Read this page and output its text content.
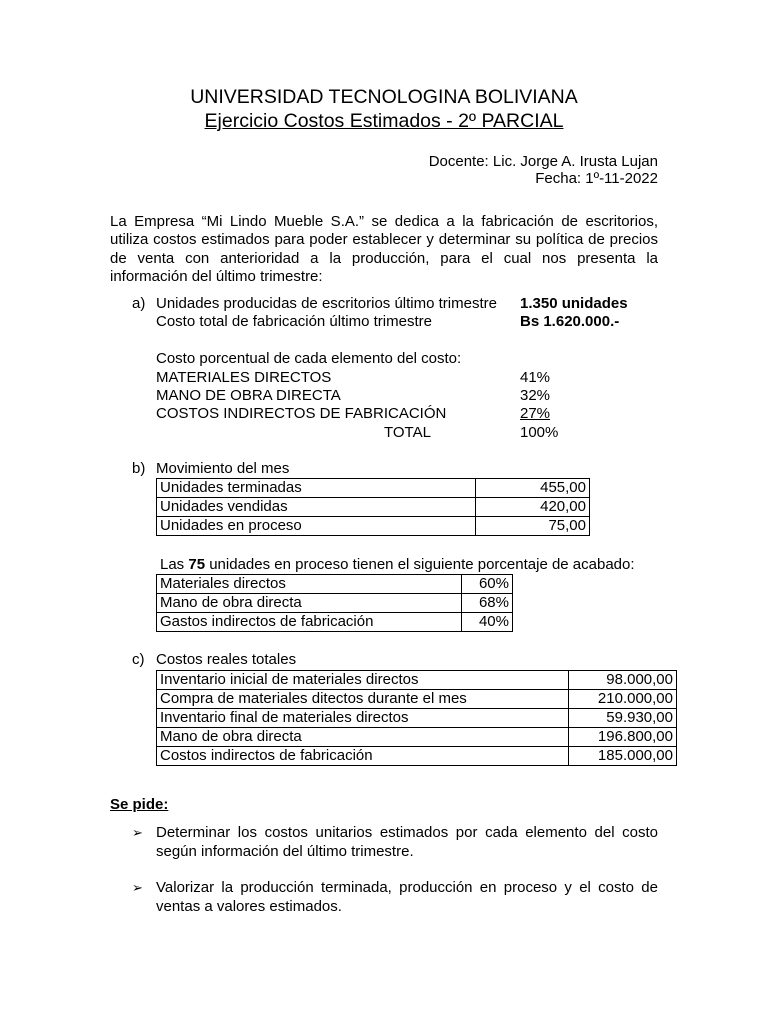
UNIVERSIDAD TECNOLOGINA BOLIVIANA
Ejercicio Costos Estimados - 2º PARCIAL
Docente: Lic. Jorge A. Irusta Lujan
Fecha: 1º-11-2022
La Empresa “Mi Lindo Mueble S.A.” se dedica a la fabricación de escritorios, utiliza costos estimados para poder establecer y determinar su política de precios de venta con anterioridad a la producción, para el cual nos presenta la información del último trimestre:
a) Unidades producidas de escritorios último trimestre 1.350 unidades
Costo total de fabricación último trimestre	Bs 1.620.000.-
Costo porcentual de cada elemento del costo:
MATERIALES DIRECTOS	41%
MANO DE OBRA DIRECTA	32%
COSTOS INDIRECTOS DE FABRICACIÓN	27%
TOTAL	100%
b) Movimiento del mes
Unidades terminadas	455,00
Unidades vendidas	420,00
Unidades en proceso	75,00
Las 75 unidades en proceso tienen el siguiente porcentaje de acabado:
Materiales directos	60%
Mano de obra directa	68%
Gastos indirectos de fabricación	40%
c) Costos reales totales
Inventario inicial de materiales directos	98.000,00
Compra de materiales ditectos durante el mes	210.000,00
Inventario final de materiales directos	59.930,00
Mano de obra directa	196.800,00
Costos indirectos de fabricación	185.000,00
Se pide:
➢ Determinar los costos unitarios estimados por cada elemento del costo según información del último trimestre.
➢ Valorizar la producción terminada, producción en proceso y el costo de ventas a valores estimados.
